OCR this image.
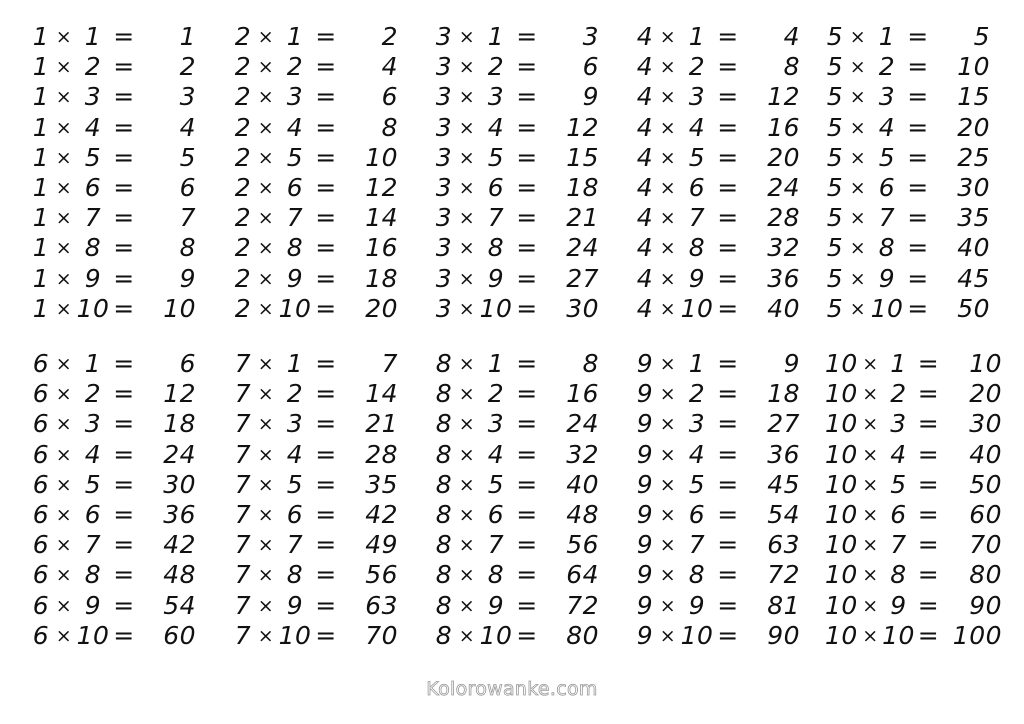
1 × 1 =	1
1 × 2 =	2
1 × 3 =	3
1 × 4 =	4
1 × 5 =	5
1 × 6 =	6
1 × 7 =	7
1 × 8 =	8
1 × 9 =	9
1 × 10 =	10
2 × 1 =	2
2 × 2 =	4
2 × 3 =	6
2 × 4 =	8
2 × 5 =	10
2 × 6 =	12
2 × 7 =	14
2 × 8 =	16
2 × 9 =	18
2 × 10 =	20
3 × 1 =	3
3 × 2 =	6
3 × 3 =	9
3 × 4 =	12
3 × 5 =	15
3 × 6 =	18
3 × 7 =	21
3 × 8 =	24
3 × 9 =	27
3 × 10 =	30
4 × 1 =	4
4 × 2 =	8
4 × 3 =	12
4 × 4 =	16
4 × 5 =	20
4 × 6 =	24
4 × 7 =	28
4 × 8 =	32
4 × 9 =	36
4 × 10 =	40
5 × 1 =	5
5 × 2 =	10
5 × 3 =	15
5 × 4 =	20
5 × 5 =	25
5 × 6 =	30
5 × 7 =	35
5 × 8 =	40
5 × 9 =	45
5 × 10 =	50
6 × 1 =	6
6 × 2 =	12
6 × 3 =	18
6 × 4 =	24
6 × 5 =	30
6 × 6 =	36
6 × 7 =	42
6 × 8 =	48
6 × 9 =	54
6 × 10 =	60
7 × 1 =	7
7 × 2 =	14
7 × 3 =	21
7 × 4 =	28
7 × 5 =	35
7 × 6 =	42
7 × 7 =	49
7 × 8 =	56
7 × 9 =	63
7 × 10 =	70
8 × 1 =	8
8 × 2 =	16
8 × 3 =	24
8 × 4 =	32
8 × 5 =	40
8 × 6 =	48
8 × 7 =	56
8 × 8 =	64
8 × 9 =	72
8 × 10 =	80
9 × 1 =	9
9 × 2 =	18
9 × 3 =	27
9 × 4 =	36
9 × 5 =	45
9 × 6 =	54
9 × 7 =	63
9 × 8 =	72
9 × 9 =	81
9 × 10 =	90
10 × 1 =	10
10 × 2 =	20
10 × 3 =	30
10 × 4 =	40
10 × 5 =	50
10 × 6 =	60
10 × 7 =	70
10 × 8 =	80
10 × 9 =	90
10 × 10 = 100
Kolorowanke.com
